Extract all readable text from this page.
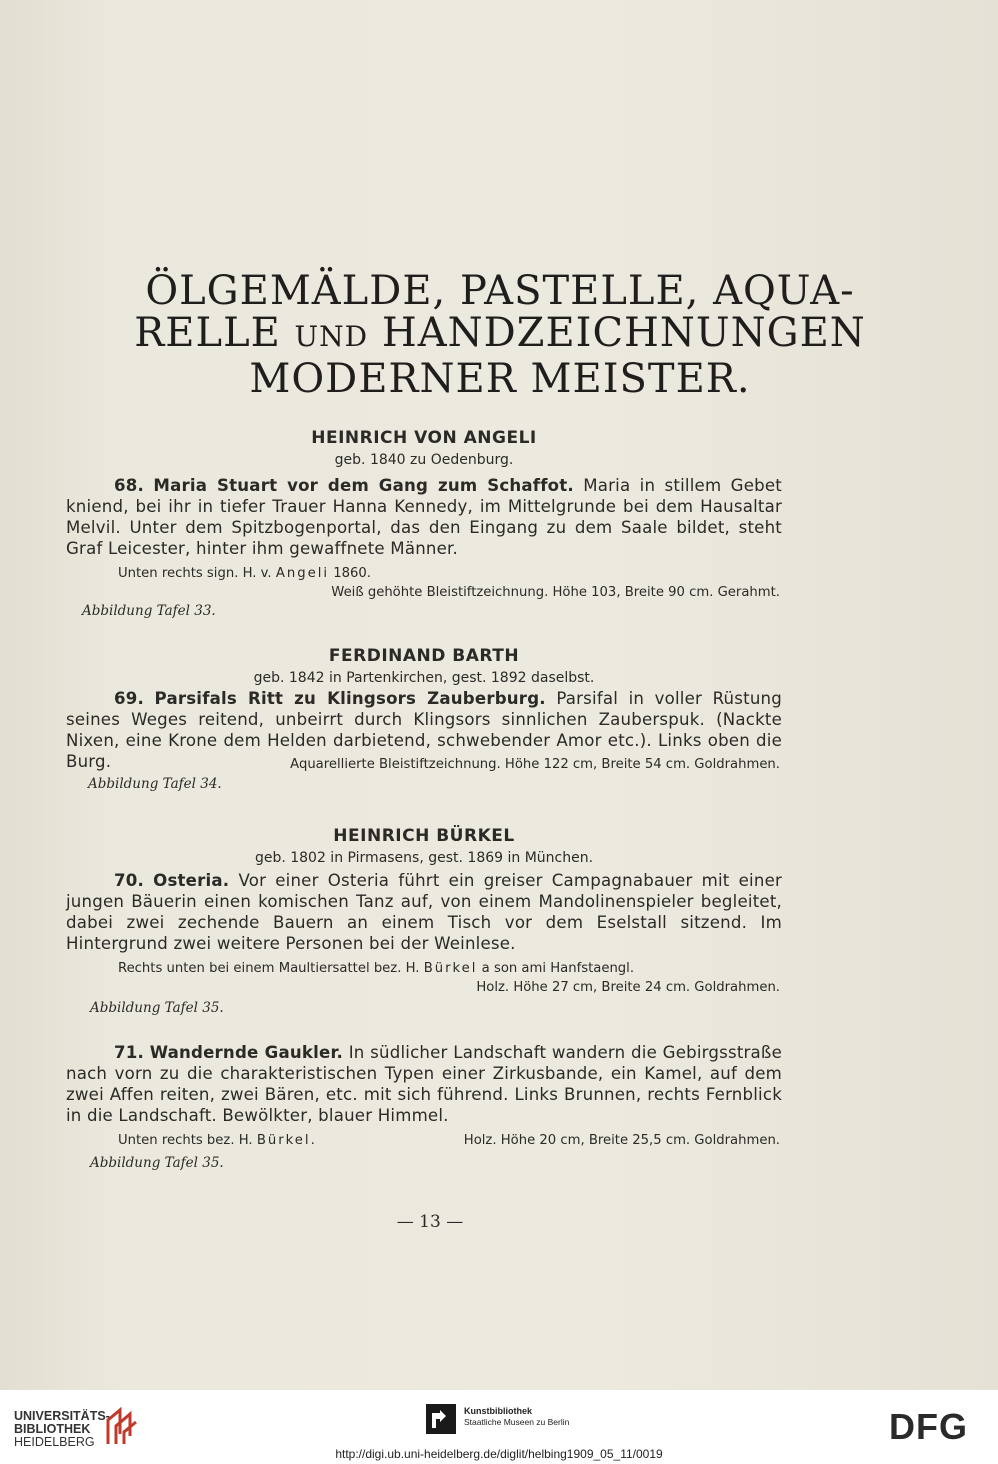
ÖLGEMÄLDE, PASTELLE, AQUA-
RELLE UND HANDZEICHNUNGEN
MODERNER MEISTER.
HEINRICH VON ANGELI
geb. 1840 zu Oedenburg.
68. Maria Stuart vor dem Gang zum Schaffot. Maria in stillem Gebet kniend, bei ihr in tiefer Trauer Hanna Kennedy, im Mittelgrunde bei dem Hausaltar Melvil. Unter dem Spitzbogenportal, das den Eingang zu dem Saale bildet, steht Graf Leicester, hinter ihm gewaffnete Männer.
Unten rechts sign. H. v. Angeli 1860.
Weiß gehöhte Bleistiftzeichnung. Höhe 103, Breite 90 cm. Gerahmt.
Abbildung Tafel 33.
FERDINAND BARTH
geb. 1842 in Partenkirchen, gest. 1892 daselbst.
69. Parsifals Ritt zu Klingsors Zauberburg. Parsifal in voller Rüstung seines Weges reitend, unbeirrt durch Klingsors sinnlichen Zauberspuk. (Nackte Nixen, eine Krone dem Helden darbietend, schwebender Amor etc.). Links oben die Burg.	Aquarellierte Bleistiftzeichnung. Höhe 122 cm, Breite 54 cm. Goldrahmen.
Abbildung Tafel 34.
HEINRICH BÜRKEL
geb. 1802 in Pirmasens, gest. 1869 in München.
70. Osteria. Vor einer Osteria führt ein greiser Campagnabauer mit einer jungen Bäuerin einen komischen Tanz auf, von einem Mandolinenspieler begleitet, dabei zwei zechende Bauern an einem Tisch vor dem Eselstall sitzend. Im Hintergrund zwei weitere Personen bei der Weinlese.
Rechts unten bei einem Maultiersattel bez. H. Bürkel a son ami Hanfstaengl.
Holz. Höhe 27 cm, Breite 24 cm. Goldrahmen.
Abbildung Tafel 35.
71. Wandernde Gaukler. In südlicher Landschaft wandern die Gebirgsstraße nach vorn zu die charakteristischen Typen einer Zirkusbande, ein Kamel, auf dem zwei Affen reiten, zwei Bären, etc. mit sich führend. Links Brunnen, rechts Fernblick in die Landschaft. Bewölkter, blauer Himmel.
Unten rechts bez. H. Bürkel.	Holz. Höhe 20 cm, Breite 25,5 cm. Goldrahmen.
Abbildung Tafel 35.
— 13 —
UNIVERSITÄTS-
BIBLIOTHEK
HEIDELBERG
Kunstbibliothek
Staatliche Museen zu Berlin	DFG
http://digi.ub.uni-heidelberg.de/diglit/helbing1909_05_11/0019
